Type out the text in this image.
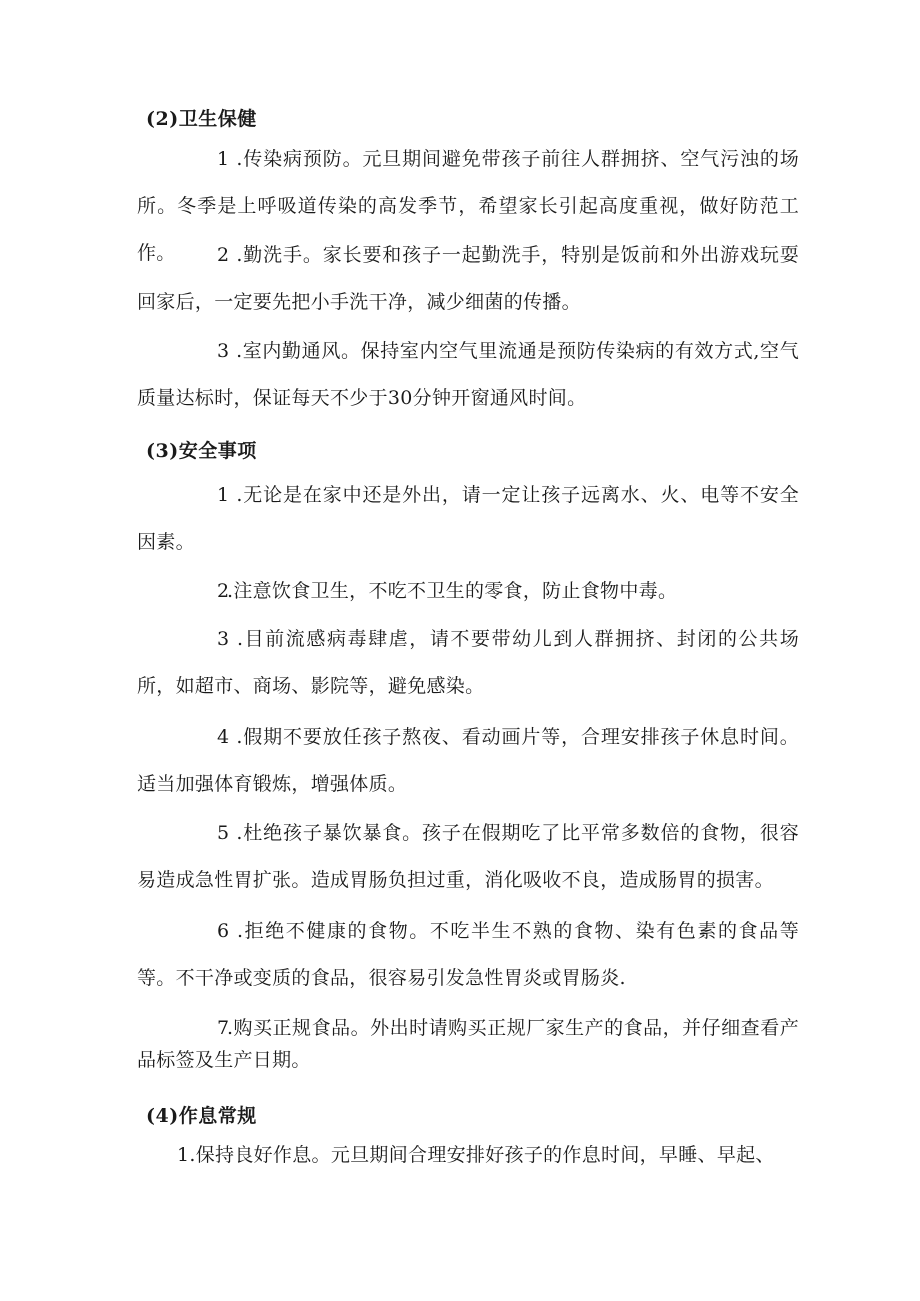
(2)卫生保健

1 .传染病预防。元旦期间避免带孩子前往人群拥挤、空气污浊的场所。冬季是上呼吸道传染的高发季节，希望家长引起高度重视，做好防范工作。	2 .勤洗手。家长要和孩子一起勤洗手，特别是饭前和外出游戏玩耍回家后，一定要先把小手洗干净，减少细菌的传播。

3 .室内勤通风。保持室内空气里流通是预防传染病的有效方式,空气质量达标时，保证每天不少于30分钟开窗通风时间。

(3)安全事项

1 .无论是在家中还是外出，请一定让孩子远离水、火、电等不安全因素。

2.注意饮食卫生，不吃不卫生的零食，防止食物中毒。

3 .目前流感病毒肆虐，请不要带幼儿到人群拥挤、封闭的公共场所，如超市、商场、影院等，避免感染。

4 .假期不要放任孩子熬夜、看动画片等，合理安排孩子休息时间。适当加强体育锻炼，增强体质。

5 .杜绝孩子暴饮暴食。孩子在假期吃了比平常多数倍的食物，很容易造成急性胃扩张。造成胃肠负担过重，消化吸收不良，造成肠胃的损害。

6 .拒绝不健康的食物。不吃半生不熟的食物、染有色素的食品等等。不干净或变质的食品，很容易引发急性胃炎或胃肠炎.

7.购买正规食品。外出时请购买正规厂家生产的食品，并仔细查看产品标签及生产日期。

(4)作息常规

1.保持良好作息。元旦期间合理安排好孩子的作息时间，早睡、早起、
